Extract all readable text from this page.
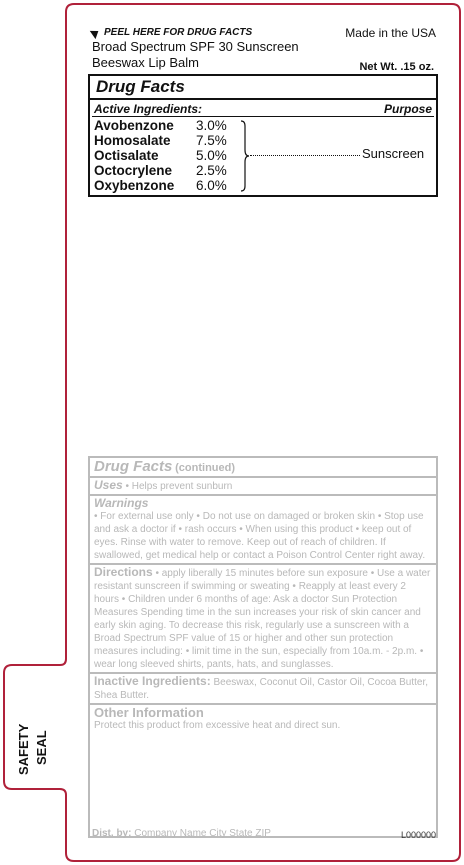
SAFETY SEAL
PEEL HERE FOR DRUG FACTS	Made in the USA
Broad Spectrum SPF 30 Sunscreen
Beeswax Lip Balm	Net Wt. .15 oz.
Drug Facts
Active Ingredients:	Purpose
Avobenzone 3.0%
Homosalate 7.5%
Octisalate	5.0%
Octocrylene 2.5%
Oxybenzone 6.0%
Sunscreen
Drug Facts (continued)
Uses • Helps prevent sunburn
Warnings
• For external use only • Do not use on damaged or broken skin • Stop use and ask a doctor if • rash occurs • When using this product • keep out of eyes. Rinse with water to remove. Keep out of reach of children. If swallowed, get medical help or contact a Poison Control Center right away.
Directions • apply liberally 15 minutes before sun exposure • Use a water resistant sunscreen if swimming or sweating • Reapply at least every 2 hours • Children under 6 months of age: Ask a doctor Sun Protection Measures Spending time in the sun increases your risk of skin cancer and early skin aging. To decrease this risk, regularly use a sunscreen with a Broad Spectrum SPF value of 15 or higher and other sun protection measures including: • limit time in the sun, especially from 10a.m. - 2p.m. • wear long sleeved shirts, pants, hats, and sunglasses.
Inactive Ingredients: Beeswax, Coconut Oil, Castor Oil, Cocoa Butter, Shea Butter.
Other Information
Protect this product from excessive heat and direct sun.
Dist. by: Company Name City State ZIP	L000000
